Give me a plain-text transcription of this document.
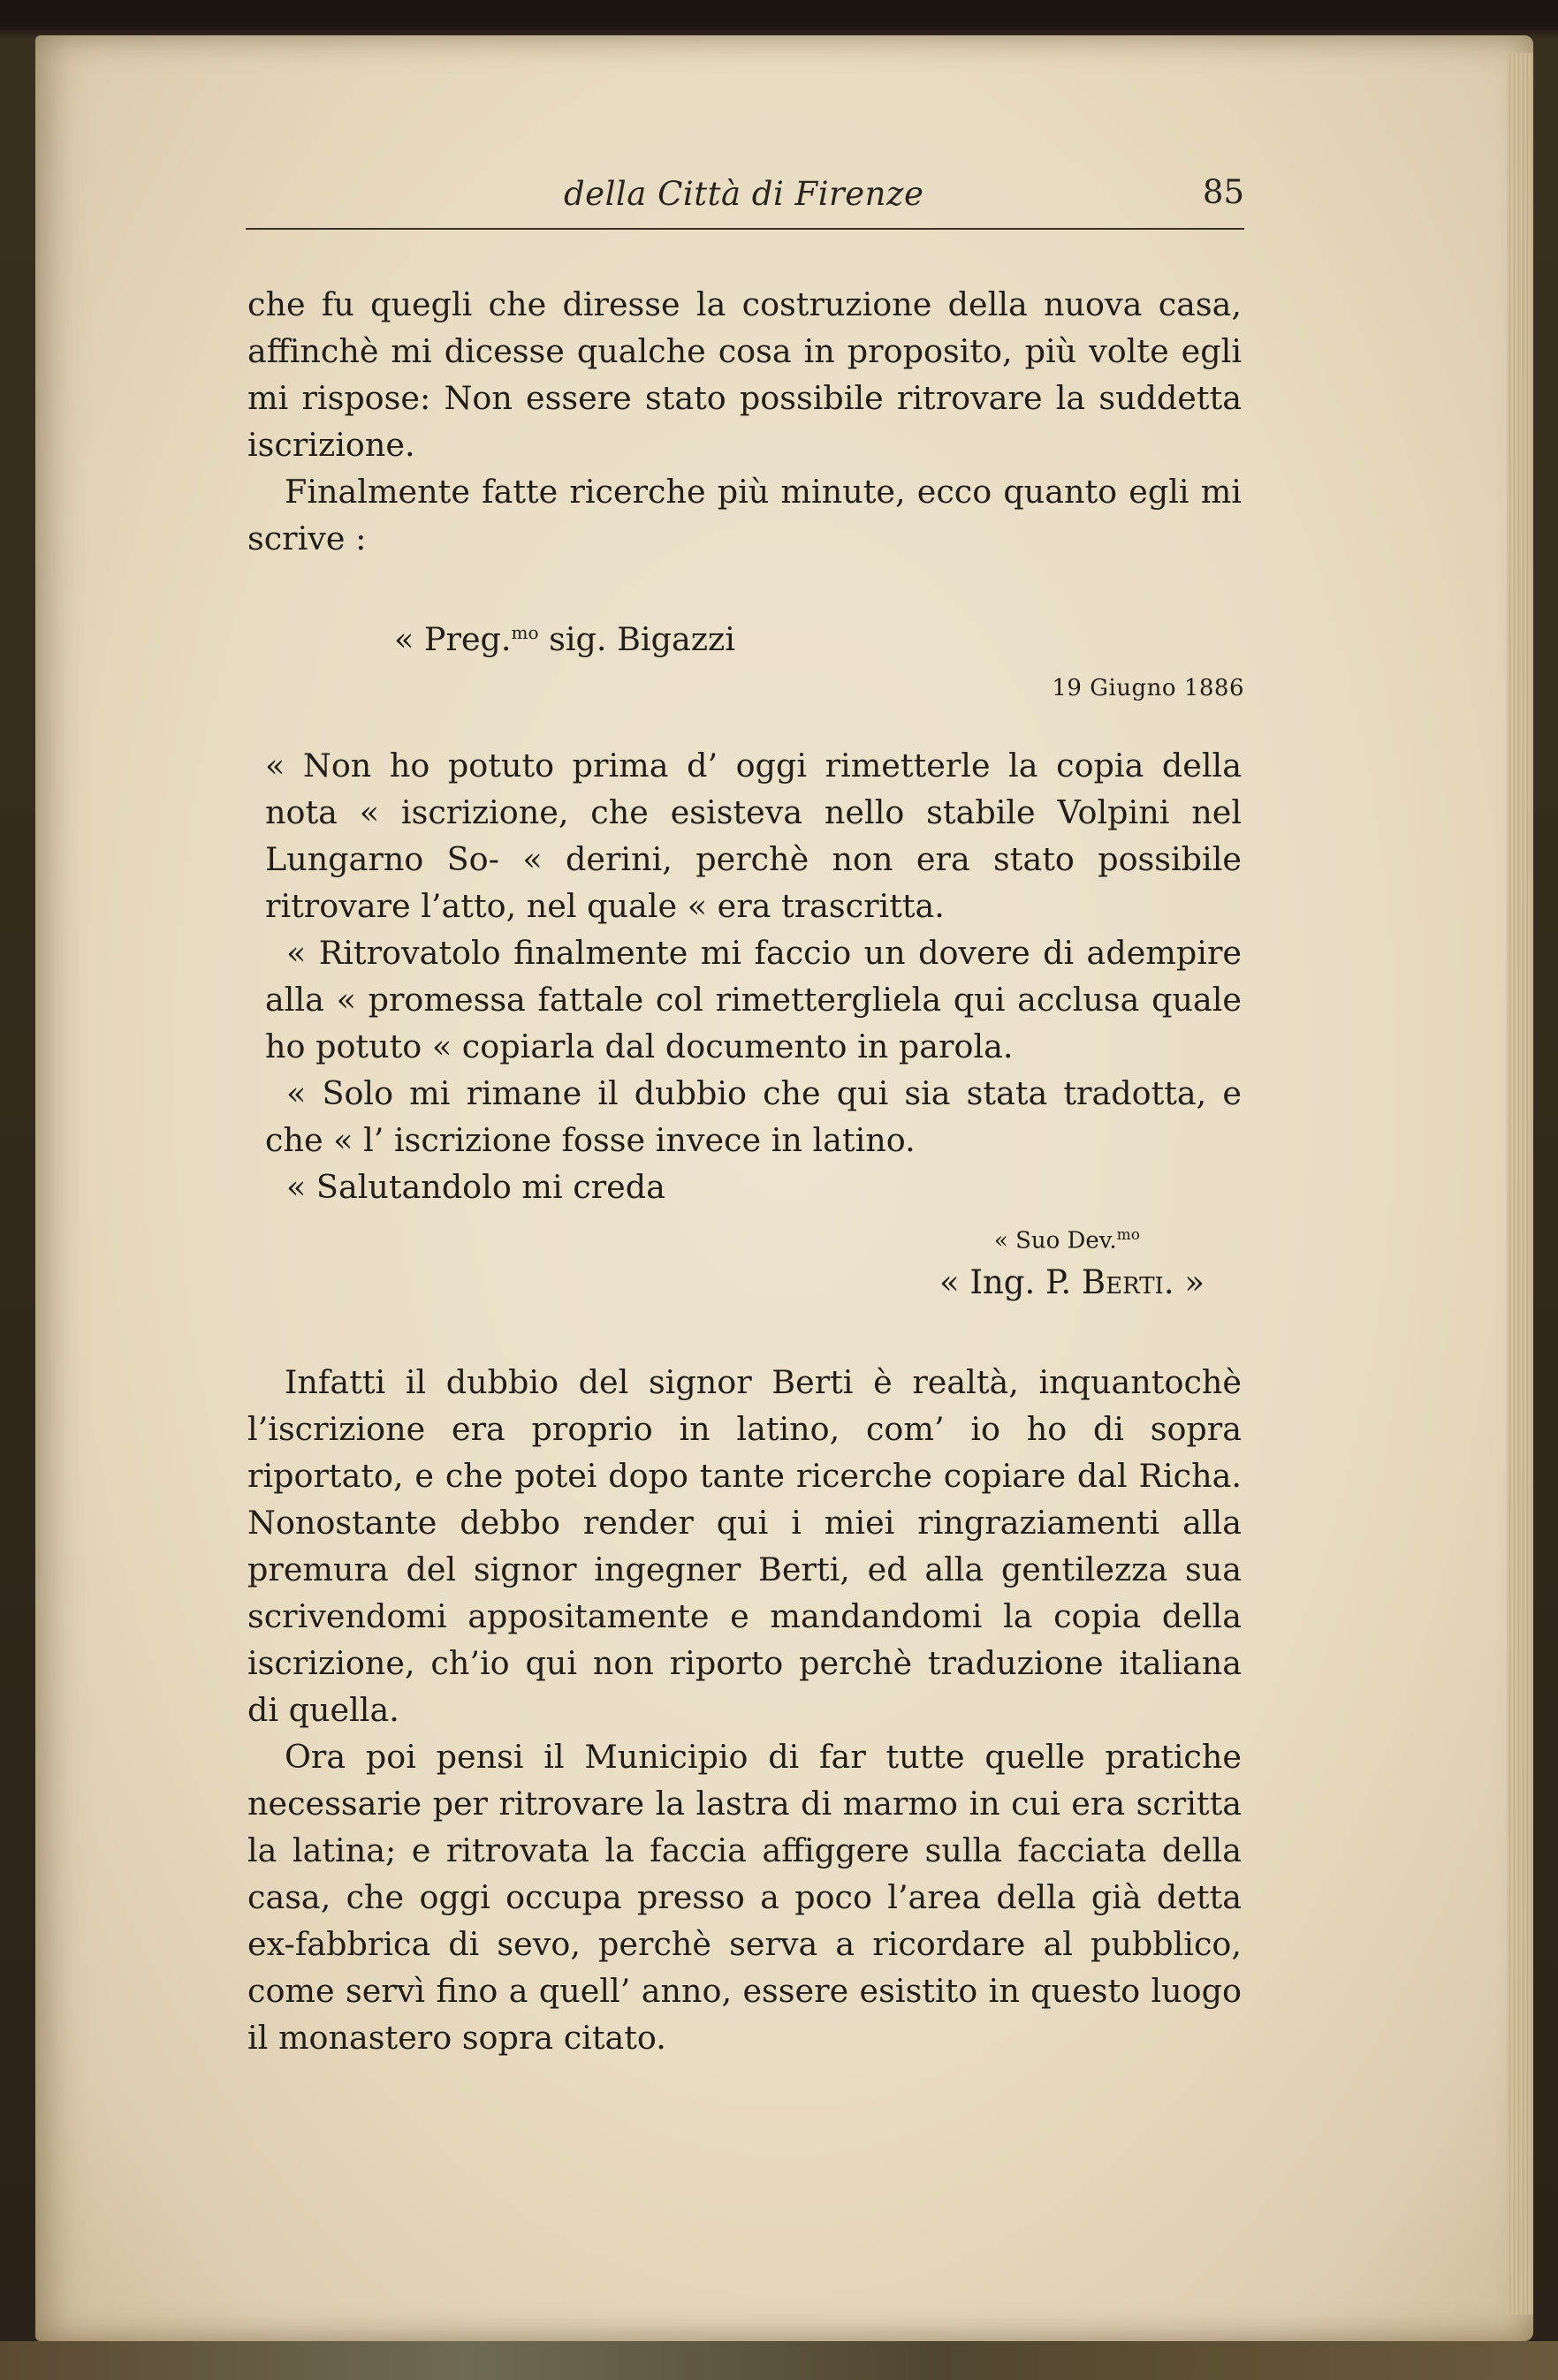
della Città di Firenze	85

che fu quegli che diresse la costruzione della nuova casa, affinchè mi dicesse qualche cosa in proposito, più volte egli mi rispose: Non essere stato possibile ritrovare la suddetta iscrizione.

Finalmente fatte ricerche più minute, ecco quanto egli mi scrive :

« Preg.$^{mo}$ sig. Bigazzi
19 Giugno 1886

« Non ho potuto prima d’ oggi rimetterle la copia della nota « iscrizione, che esisteva nello stabile Volpini nel Lungarno So- « derini, perchè non era stato possibile ritrovare l’atto, nel quale « era trascritta.

« Ritrovatolo finalmente mi faccio un dovere di adempire alla « promessa fattale col rimettergliela qui acclusa quale ho potuto « copiarla dal documento in parola.

« Solo mi rimane il dubbio che qui sia stata tradotta, e che « l’ iscrizione fosse invece in latino.

« Salutandolo mi creda

« Suo Dev.$^{mo}$
« Ing. P. Berti. »

Infatti il dubbio del signor Berti è realtà, inquantochè l’iscrizione era proprio in latino, com’ io ho di sopra riportato, e che potei dopo tante ricerche copiare dal Richa. Nonostante debbo render qui i miei ringraziamenti alla premura del signor ingegner Berti, ed alla gentilezza sua scrivendomi appositamente e mandandomi la copia della iscrizione, ch’io qui non riporto perchè traduzione italiana di quella.

Ora poi pensi il Municipio di far tutte quelle pratiche necessarie per ritrovare la lastra di marmo in cui era scritta la latina; e ritrovata la faccia affiggere sulla facciata della casa, che oggi occupa presso a poco l’area della già detta ex-fabbrica di sevo, perchè serva a ricordare al pubblico, come servì fino a quell’ anno, essere esistito in questo luogo il monastero sopra citato.
